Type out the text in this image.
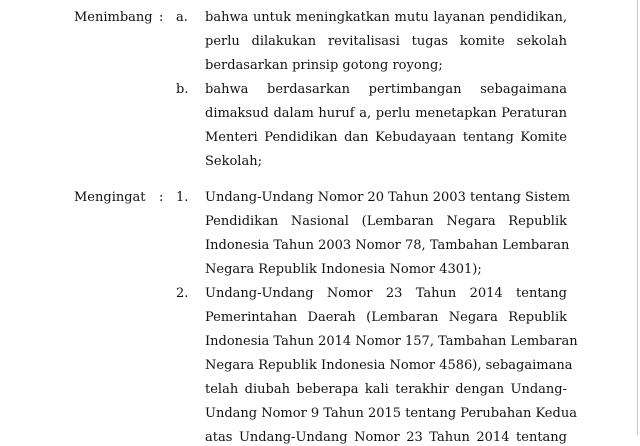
Menimbang : a. bahwa untuk meningkatkan mutu layanan pendidikan,
perlu dilakukan revitalisasi tugas komite sekolah
berdasarkan prinsip gotong royong;
b. bahwa berdasarkan pertimbangan sebagaimana
dimaksud dalam huruf a, perlu menetapkan Peraturan
Menteri Pendidikan dan Kebudayaan tentang Komite
Sekolah;
Mengingat : 1. Undang-Undang Nomor 20 Tahun 2003 tentang Sistem
Pendidikan Nasional (Lembaran Negara Republik
Indonesia Tahun 2003 Nomor 78, Tambahan Lembaran
Negara Republik Indonesia Nomor 4301);
2. Undang-Undang Nomor 23 Tahun 2014 tentang
Pemerintahan Daerah (Lembaran Negara Republik
Indonesia Tahun 2014 Nomor 157, Tambahan Lembaran
Negara Republik Indonesia Nomor 4586), sebagaimana
telah diubah beberapa kali terakhir dengan Undang-
Undang Nomor 9 Tahun 2015 tentang Perubahan Kedua
atas Undang-Undang Nomor 23 Tahun 2014 tentang
